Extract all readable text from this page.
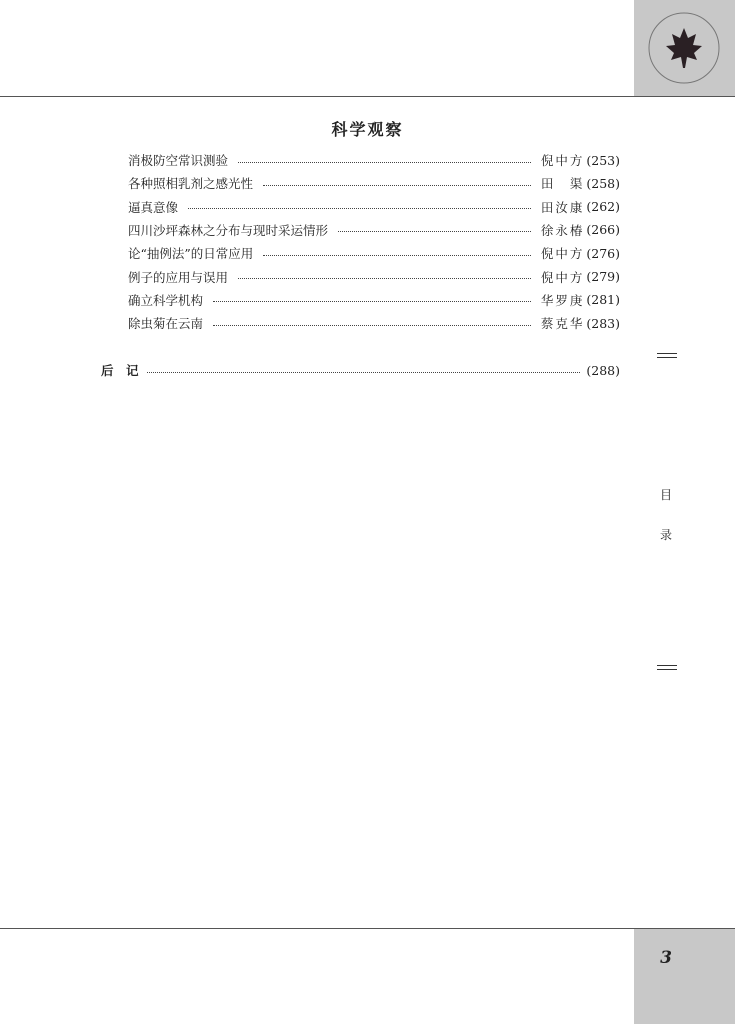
科学观察
消极防空常识测验	倪中方 (253)
各种照相乳剂之感光性	田　渠 (258)
逼真意像	田汝康 (262)
四川沙坪森林之分布与现时采运情形	徐永椿 (266)
论“抽例法”的日常应用	倪中方 (276)
例子的应用与误用	倪中方 (279)
确立科学机构	华罗庚 (281)
除虫菊在云南	蔡克华 (283)
后　记	(288)
目
录
3
